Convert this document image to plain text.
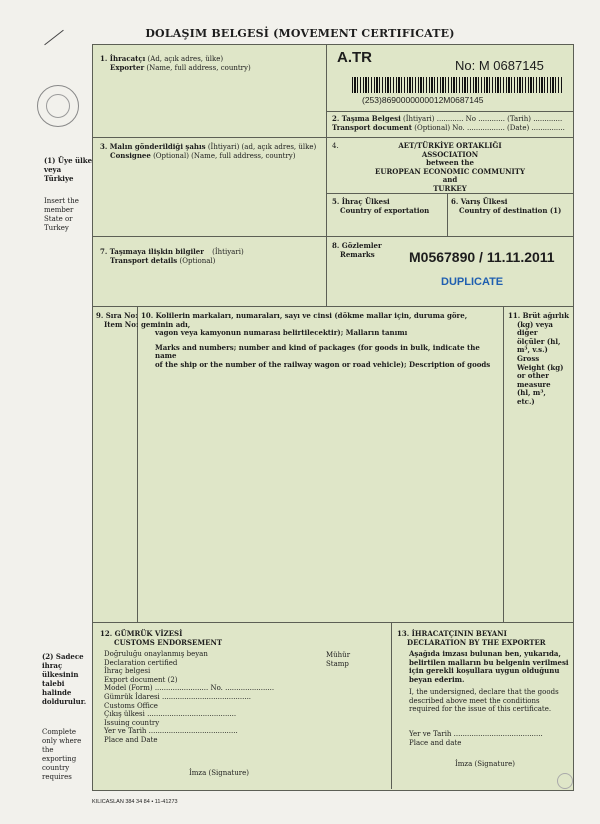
DOLAŞIM BELGESİ (MOVEMENT CERTIFICATE)
(1) Üye ülke
veya
Türkiye
Insert the
member
State or
Turkey
(2) Sadece
ihraç
ülkesinin
talebi
halinde
doldurulur.
Complete
only where
the
exporting
country
requires
1. İhracatçı (Ad, açık adres, ülke)
Exporter (Name, full address, country)
A.TR	No: M 0687145
(253)8690000000012M0687145
2. Taşıma Belgesi (İhtiyari) ............ No ............ (Tarih) .............
Transport document (Optional) No. ................. (Date) ...............
3. Malın gönderildiği şahıs (İhtiyari) (ad, açık adres, ülke)
Consignee (Optional) (Name, full address, country)
4.	AET/TÜRKİYE ORTAKLIĞI
ASSOCIATION
between the
EUROPEAN ECONOMIC COMMUNITY
and
TURKEY
5. İhraç Ülkesi
Country of exportation
6. Varış Ülkesi
Country of destination (1)
7. Taşımaya ilişkin bilgiler (İhtiyari)
Transport details (Optional)
8. Gözlemler
Remarks	M0567890 / 11.11.2011
DUPLICATE
9. Sıra No:
Item No:
10. Kolilerin markaları, numaraları, sayı ve cinsi (dökme mallar için, duruma göre, geminin adı,
vagon veya kamyonun numarası belirtilecektir); Malların tanımı
Marks and numbers; number and kind of packages (for goods in bulk, indicate the name
of the ship or the number of the railway wagon or road vehicle); Description of goods
11. Brüt ağırlık
(kg) veya
diğer
ölçüler (hl,
m³, v.s.)
Gross
Weight (kg)
or other
measure
(hl, m³,
etc.)
12. GÜMRÜK VİZESİ
CUSTOMS ENDORSEMENT
Doğruluğu onaylanmış beyan
Declaration certified
İhraç belgesi
Export document (2)
Model (Form) ........................ No. ......................
Gümrük İdaresi ........................................
Customs Office
Çıkış ülkesi ........................................
Issuing country
Yer ve Tarih ........................................
Place and Date
Mühür
Stamp
İmza (Signature)
13. İHRACATÇININ BEYANI
DECLARATION BY THE EXPORTER
Aşağıda imzası bulunan ben, yukarıda,
belirtilen malların bu belgenin verilmesi
için gerekli koşullara uygun olduğunu
beyan ederim.
I, the undersigned, declare that the goods
described above meet the conditions
required for the issue of this certificate.
Yer ve Tarih ........................................
Place and date
İmza (Signature)
KILICASLAN 384 34 84 • 11-41273
